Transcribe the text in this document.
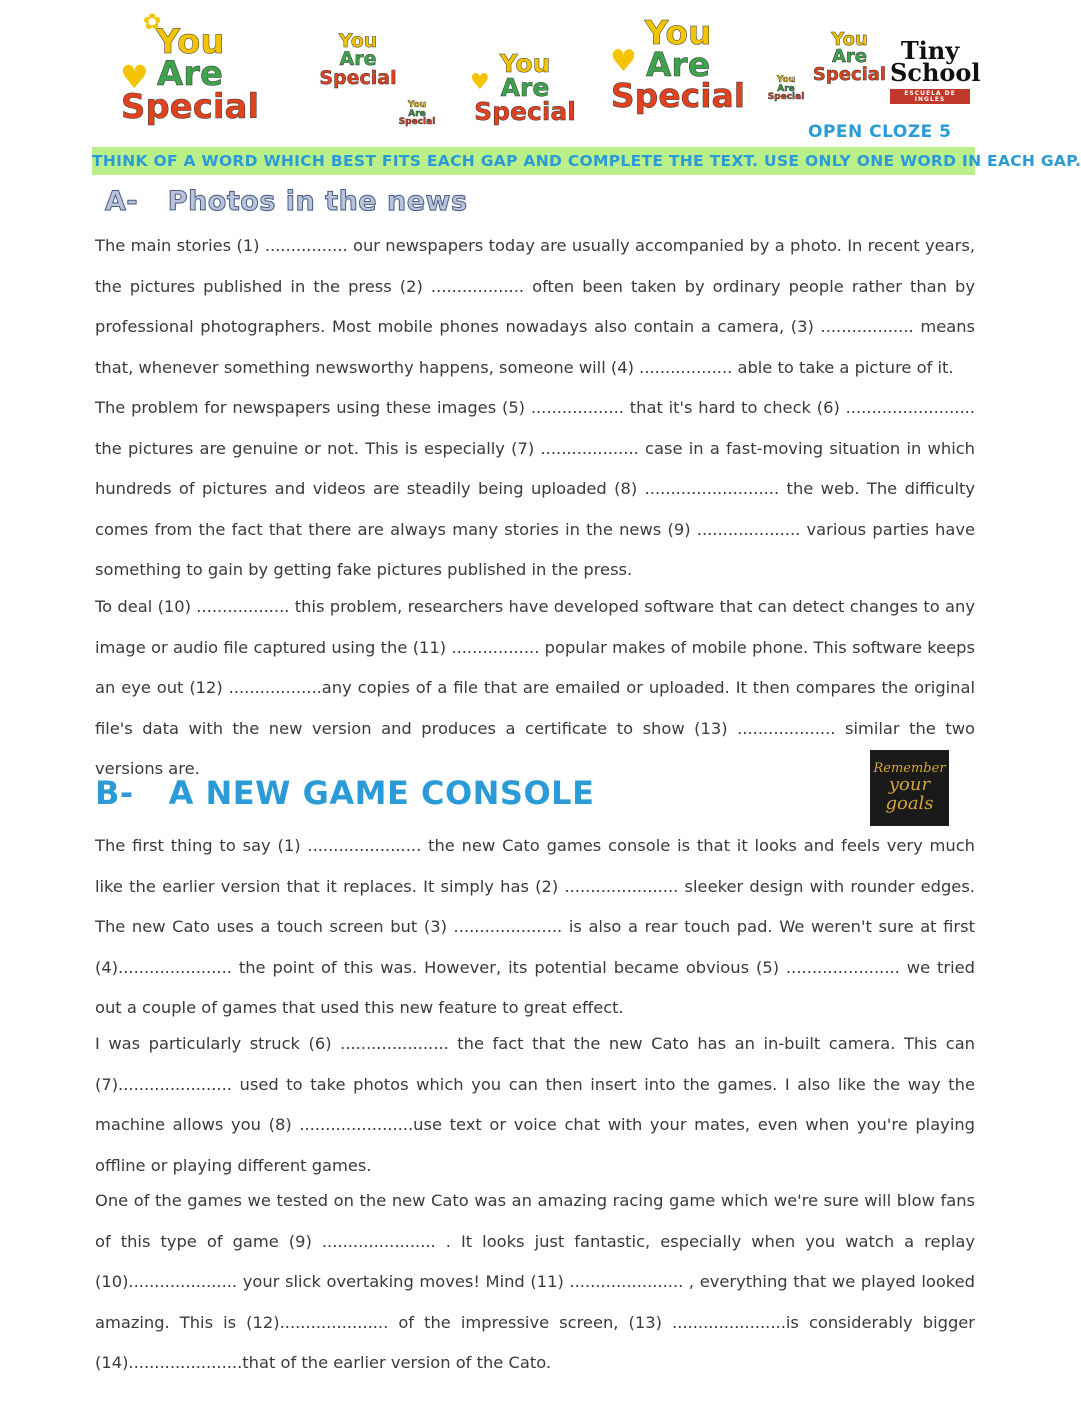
You
Are
Special
♥
✿
You
Are
Special
You
Are
Special
You
Are
Special
♥
You
Are
Special
♥
You
Are
Special
You
Are
Special
Tiny
School
ESCUELA DE INGLES
OPEN CLOZE 5
THINK OF A WORD WHICH BEST FITS EACH GAP AND COMPLETE THE TEXT. USE ONLY ONE WORD IN EACH GAP.
A-   Photos in the news

The main stories (1) ................ our newspapers today are usually accompanied by a photo. In recent years, the pictures published in the press (2) .................. often been taken by ordinary people rather than by professional photographers. Most mobile phones nowadays also contain a camera, (3) .................. means that, whenever something newsworthy happens, someone will (4) .................. able to take a picture of it.

The problem for newspapers using these images (5) .................. that it's hard to check (6) ......................... the pictures are genuine or not. This is especially (7) ................... case in a fast-moving situation in which hundreds of pictures and videos are steadily being uploaded (8) .......................... the web. The difficulty comes from the fact that there are always many stories in the news (9) .................... various parties have something to gain by getting fake pictures published in the press.

To deal (10) .................. this problem, researchers have developed software that can detect changes to any image or audio file captured using the (11) ................. popular makes of mobile phone. This software keeps an eye out (12) ..................any copies of a file that are emailed or uploaded. It then compares the original file's data with the new version and produces a certificate to show (13) ................... similar the two versions are.

B-   A NEW GAME CONSOLE
Remember
your
goals

The first thing to say (1) ...................... the new Cato games console is that it looks and feels very much like the earlier version that it replaces. It simply has (2) ...................... sleeker design with rounder edges. The new Cato uses a touch screen but (3) ..................... is also a rear touch pad. We weren't sure at first (4)...................... the point of this was. However, its potential became obvious (5) ...................... we tried out a couple of games that used this new feature to great effect.

I was particularly struck (6) ..................... the fact that the new Cato has an in-built camera. This can (7)...................... used to take photos which you can then insert into the games. I also like the way the machine allows you (8) ......................use text or voice chat with your mates, even when you're playing offline or playing different games.

One of the games we tested on the new Cato was an amazing racing game which we're sure will blow fans of this type of game (9) ...................... . It looks just fantastic, especially when you watch a replay (10)..................... your slick overtaking moves! Mind (11) ...................... , everything that we played looked amazing. This is (12)..................... of the impressive screen, (13) ......................is considerably bigger (14)......................that of the earlier version of the Cato.
